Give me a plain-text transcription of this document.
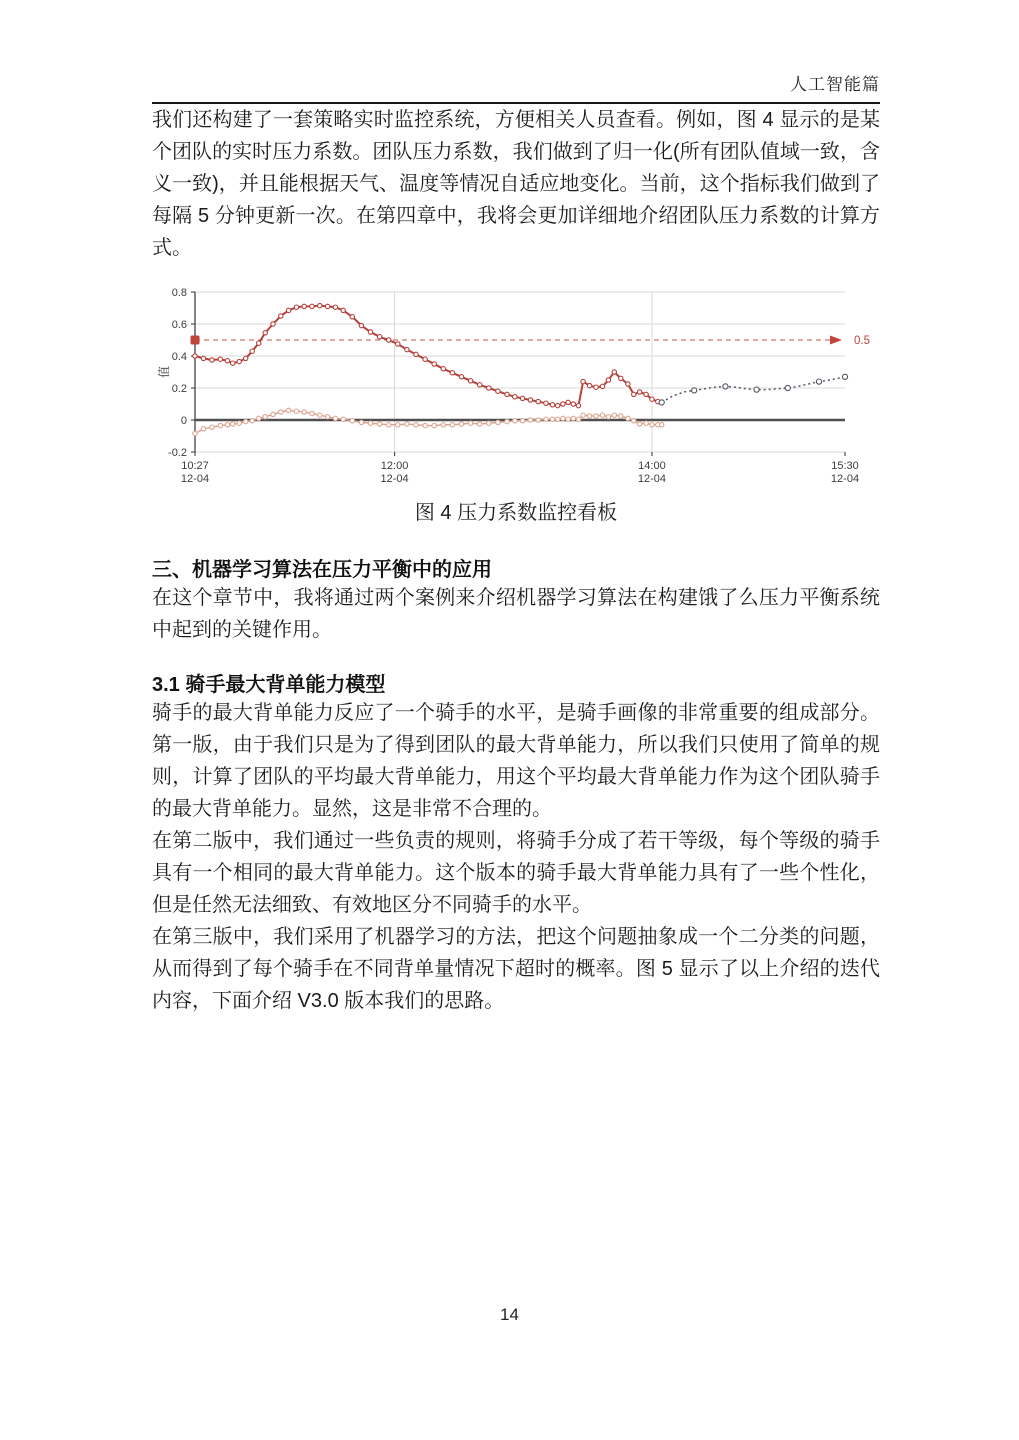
人工智能篇

我们还构建了一套策略实时监控系统，方便相关人员查看。例如，图 4 显示的是某个团队的实时压力系数。团队压力系数，我们做到了归一化(所有团队值域一致，含义一致)，并且能根据天气、温度等情况自适应地变化。当前，这个指标我们做到了每隔 5 分钟更新一次。在第四章中，我将会更加详细地介绍团队压力系数的计算方式。

0.8
0.6
0.4
0.2
0
-0.2
10:27
12-04
12:00
12-04
14:00
12-04
15:30
12-04
值
0.5
图 4 压力系数监控看板
三、机器学习算法在压力平衡中的应用

在这个章节中，我将通过两个案例来介绍机器学习算法在构建饿了么压力平衡系统中起到的关键作用。

3.1 骑手最大背单能力模型

骑手的最大背单能力反应了一个骑手的水平，是骑手画像的非常重要的组成部分。第一版，由于我们只是为了得到团队的最大背单能力，所以我们只使用了简单的规则，计算了团队的平均最大背单能力，用这个平均最大背单能力作为这个团队骑手的最大背单能力。显然，这是非常不合理的。

在第二版中，我们通过一些负责的规则，将骑手分成了若干等级，每个等级的骑手具有一个相同的最大背单能力。这个版本的骑手最大背单能力具有了一些个性化，但是任然无法细致、有效地区分不同骑手的水平。

在第三版中，我们采用了机器学习的方法，把这个问题抽象成一个二分类的问题，从而得到了每个骑手在不同背单量情况下超时的概率。图 5 显示了以上介绍的迭代内容，下面介绍 V3.0 版本我们的思路。

14
